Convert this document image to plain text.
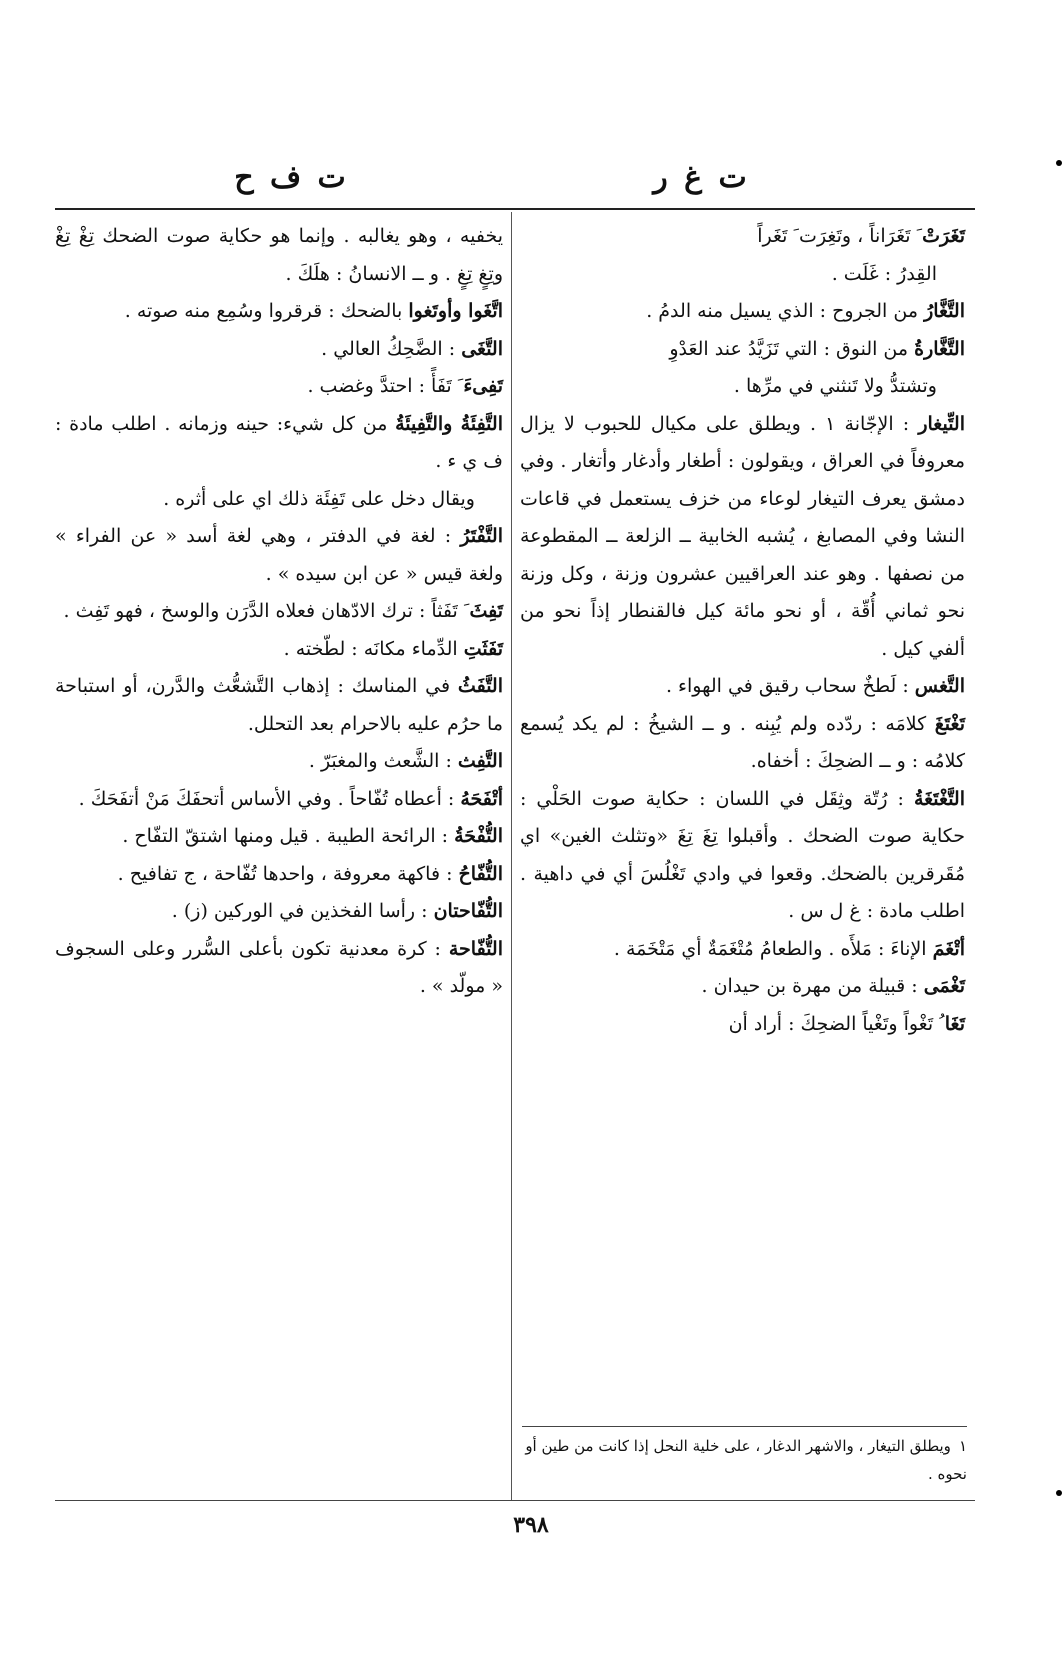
ت ف ح	ت غ ر
تَغَرَتْ َ تَغَرَاناً ، وتَغِرَت َ تَغَراً
القِدرُ : غَلَت .
التَّغَّارُ من الجروح : الذي يسيل منه الدمُ .
التَّغَّارةُ من النوق : التي تَزَيَّدُ عند العَدْوِ
وتشتدُّ ولا تَنثني في مرِّها .
التِّيغار : الإجّانة ١ . ويطلق على مكيال للحبوب لا يزال معروفاً في العراق ، ويقولون : أطغار وأدغار وأتغار . وفي دمشق يعرف التيغار لوعاء من خزف يستعمل في قاعات النشا وفي المصابغ ، يُشبه الخابية ــ الزلعة ــ المقطوعة من نصفها . وهو عند العراقيين عشرون وزنة ، وكل وزنة نحو ثماني أُقّة ، أو نحو مائة كيل فالقنطار إذاً نحو من ألفي كيل .
التَّغس : لَطخٌ سحاب رقيق في الهواء .
تَغْتَغَ كلامَه : ردّده ولم يُبِنه . و ــ الشيخُ : لم يكد يُسمع كلامُه : و ــ الضحِكَ : أخفاه.
التَّغْتَغَةُ : رُتّة وثِقَل في اللسان : حكاية صوت الحَلْي : حكاية صوت الضحك . وأقبلوا تِغَ تِغَ «وتثلث الغين» اي مُقَرقرين بالضحك. وقعوا في وادي تَغْلُسَ أي في داهية . اطلب مادة : غ ل س .
أتْغَمَ الإناءَ : مَلأَه . والطعامُ مُتْغَمَةٌ أي مَتْخَمَة .
تَغْمَى : قبيلة من مهرة بن حيدان .
تَغَا ُ تَغْواً وتَغْياً الضحِكَ : أراد أن
١ويطلق التيغار ، والاشهر الدغار ، على خلية النحل إذا كانت من طين أو نحوه .
يخفيه ، وهو يغالبه . وإنما هو حكاية صوت الضحك تِغْ تِغْ وتِغٍ تِغٍ . و ــ الانسانُ : هلَكَ .
اتَّغَوا وأوتَغوا بالضحك : قرقروا وسُمِع منه صوته .
التَّغَى : الضَّحِكُ العالي .
تَفِىءَ َ تَفَأً : احتدَّ وغضب .
التَّفِئَةُ والتَّفِيئَةُ من كل شيء: حينه وزمانه . اطلب مادة : ف ي ء .
ويقال دخل على تَفِئَة ذلك اي على أثره .
التَّفْتَرُ : لغة في الدفتر ، وهي لغة أسد « عن الفراء » ولغة قيس « عن ابن سيده » .
تَفِثَ َ تَفَثاً : ترك الادّهان فعلاه الدَّرَن والوسخ ، فهو تَفِث .
تَفَثَتِ الدِّماء مكانَه : لطّخته .
التَّفَثُ في المناسك : إذهاب التَّشعُّث والدَّرن، أو استباحة ما حرُم عليه بالاحرام بعد التحلل.
التَّفِث : الشَّعث والمغبَرّ .
أتْفَحَهُ : أعطاه تُفّاحاً . وفي الأساس أتحفَكَ مَنْ أتفَحَكَ .
التُّفْحَةُ : الرائحة الطيبة . قيل ومنها اشتقّ التفّاح .
التُّفّاحُ : فاكهة معروفة ، واحدها تُفّاحة ، ج تفافيح .
التُّفّاحتان : رأسا الفخذين في الوركين (ز) .
التُّفّاحة : كرة معدنية تكون بأعلى السُّرر وعلى السجوف « مولّد » .
٣٩٨
